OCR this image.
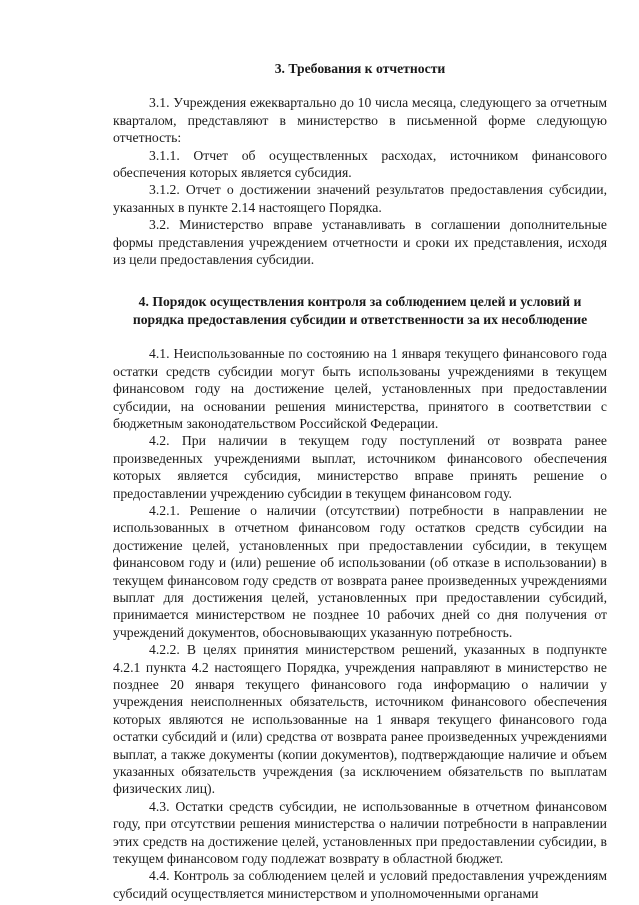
3. Требования к отчетности

3.1. Учреждения ежеквартально до 10 числа месяца, следующего за отчетным кварталом, представляют в министерство в письменной форме следующую отчетность:

3.1.1. Отчет об осуществленных расходах, источником финансового обеспечения которых является субсидия.

3.1.2. Отчет о достижении значений результатов предоставления субсидии, указанных в пункте 2.14 настоящего Порядка.

3.2. Министерство вправе устанавливать в соглашении дополнительные формы представления учреждением отчетности и сроки их представления, исходя из цели предоставления субсидии.

4. Порядок осуществления контроля за соблюдением целей и условий и порядка предоставления субсидии и ответственности за их несоблюдение

4.1. Неиспользованные по состоянию на 1 января текущего финансового года остатки средств субсидии могут быть использованы учреждениями в текущем финансовом году на достижение целей, установленных при предоставлении субсидии, на основании решения министерства, принятого в соответствии с бюджетным законодательством Российской Федерации.

4.2. При наличии в текущем году поступлений от возврата ранее произведенных учреждениями выплат, источником финансового обеспечения которых является субсидия, министерство вправе принять решение о предоставлении учреждению субсидии в текущем финансовом году.

4.2.1. Решение о наличии (отсутствии) потребности в направлении не использованных в отчетном финансовом году остатков средств субсидии на достижение целей, установленных при предоставлении субсидии, в текущем финансовом году и (или) решение об использовании (об отказе в использовании) в текущем финансовом году средств от возврата ранее произведенных учреждениями выплат для достижения целей, установленных при предоставлении субсидий, принимается министерством не позднее 10 рабочих дней со дня получения от учреждений документов, обосновывающих указанную потребность.

4.2.2. В целях принятия министерством решений, указанных в подпункте 4.2.1 пункта 4.2 настоящего Порядка, учреждения направляют в министерство не позднее 20 января текущего финансового года информацию о наличии у учреждения неисполненных обязательств, источником финансового обеспечения которых являются не использованные на 1 января текущего финансового года остатки субсидий и (или) средства от возврата ранее произведенных учреждениями выплат, а также документы (копии документов), подтверждающие наличие и объем указанных обязательств учреждения (за исключением обязательств по выплатам физических лиц).

4.3. Остатки средств субсидии, не использованные в отчетном финансовом году, при отсутствии решения министерства о наличии потребности в направлении этих средств на достижение целей, установленных при предоставлении субсидии, в текущем финансовом году подлежат возврату в областной бюджет.

4.4. Контроль за соблюдением целей и условий предоставления учреждениям субсидий осуществляется министерством и уполномоченными органами
